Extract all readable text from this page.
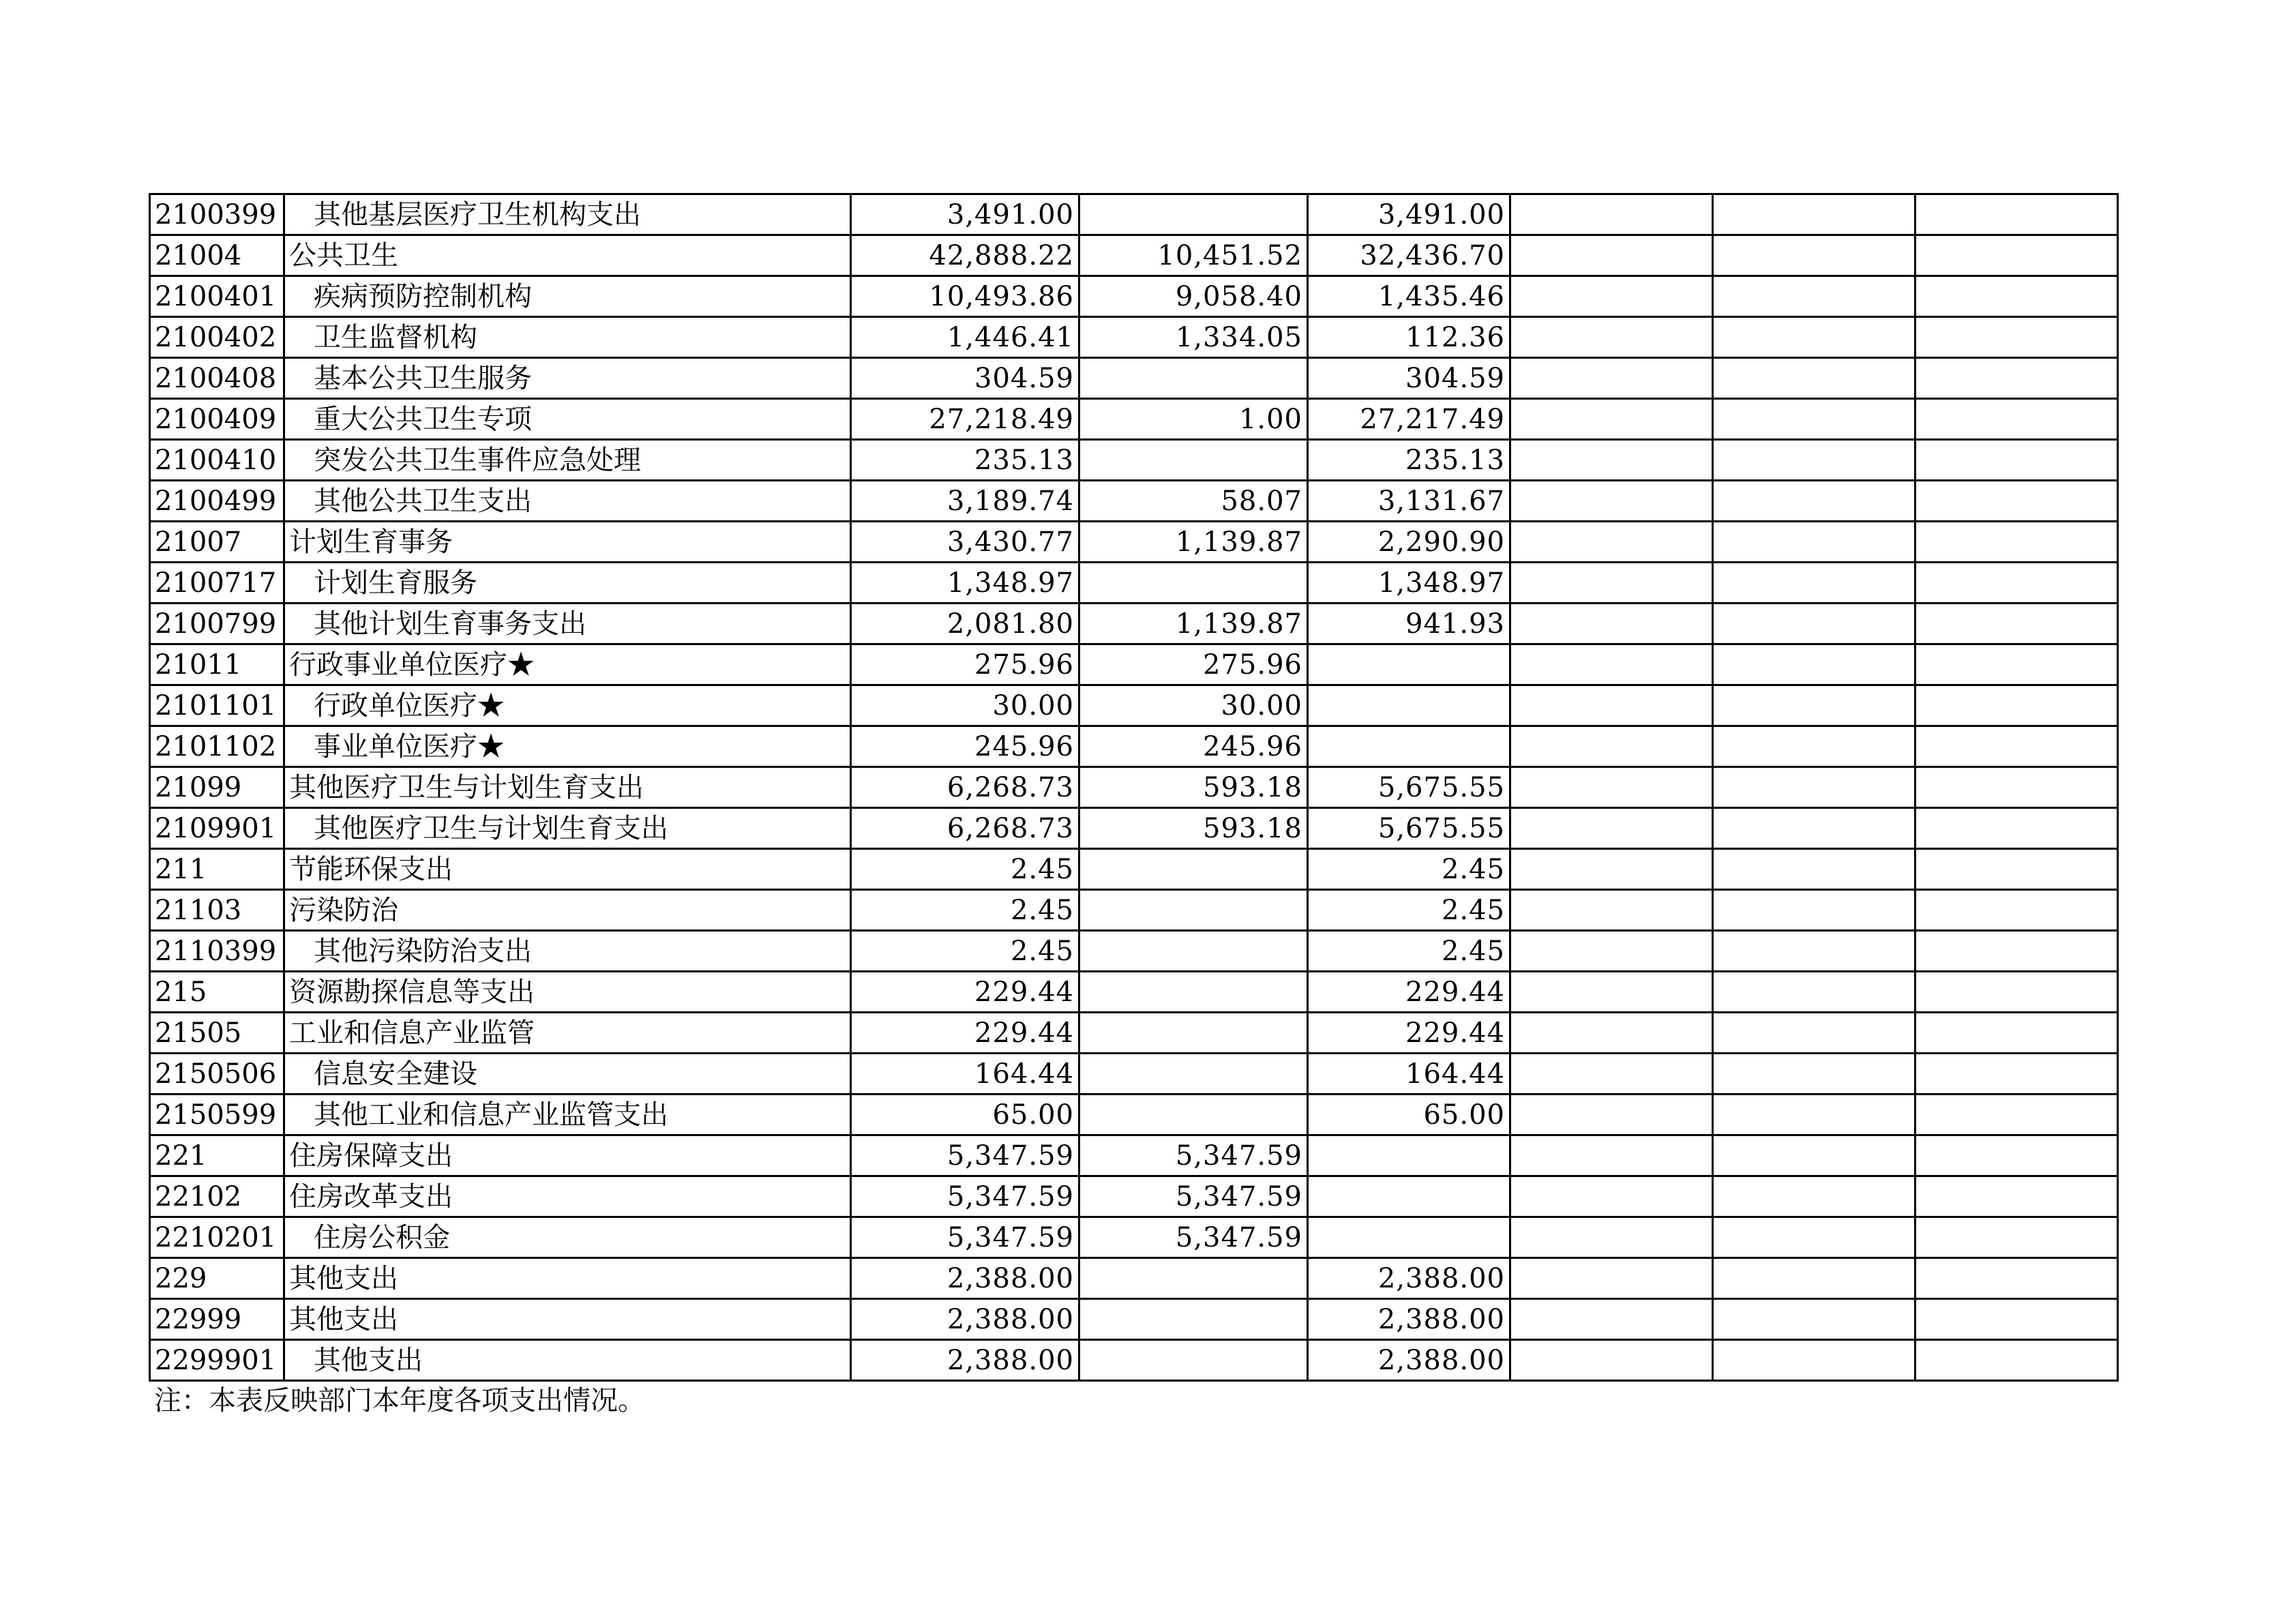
2100399	其他基层医疗卫生机构支出	3,491.00		3,491.00			
21004	公共卫生	42,888.22	10,451.52	32,436.70			
2100401	疾病预防控制机构	10,493.86	9,058.40	1,435.46			
2100402	卫生监督机构	1,446.41	1,334.05	112.36			
2100408	基本公共卫生服务	304.59		304.59			
2100409	重大公共卫生专项	27,218.49	1.00	27,217.49			
2100410	突发公共卫生事件应急处理	235.13		235.13			
2100499	其他公共卫生支出	3,189.74	58.07	3,131.67			
21007	计划生育事务	3,430.77	1,139.87	2,290.90			
2100717	计划生育服务	1,348.97		1,348.97			
2100799	其他计划生育事务支出	2,081.80	1,139.87	941.93			
21011	行政事业单位医疗★	275.96	275.96				
2101101	行政单位医疗★	30.00	30.00				
2101102	事业单位医疗★	245.96	245.96				
21099	其他医疗卫生与计划生育支出	6,268.73	593.18	5,675.55			
2109901	其他医疗卫生与计划生育支出	6,268.73	593.18	5,675.55			
211	节能环保支出	2.45		2.45			
21103	污染防治	2.45		2.45			
2110399	其他污染防治支出	2.45		2.45			
215	资源勘探信息等支出	229.44		229.44			
21505	工业和信息产业监管	229.44		229.44			
2150506	信息安全建设	164.44		164.44			
2150599	其他工业和信息产业监管支出	65.00		65.00			
221	住房保障支出	5,347.59	5,347.59				
22102	住房改革支出	5,347.59	5,347.59				
2210201	住房公积金	5,347.59	5,347.59				
229	其他支出	2,388.00		2,388.00			
22999	其他支出	2,388.00		2,388.00			
2299901	其他支出	2,388.00		2,388.00			
注：本表反映部门本年度各项支出情况。
